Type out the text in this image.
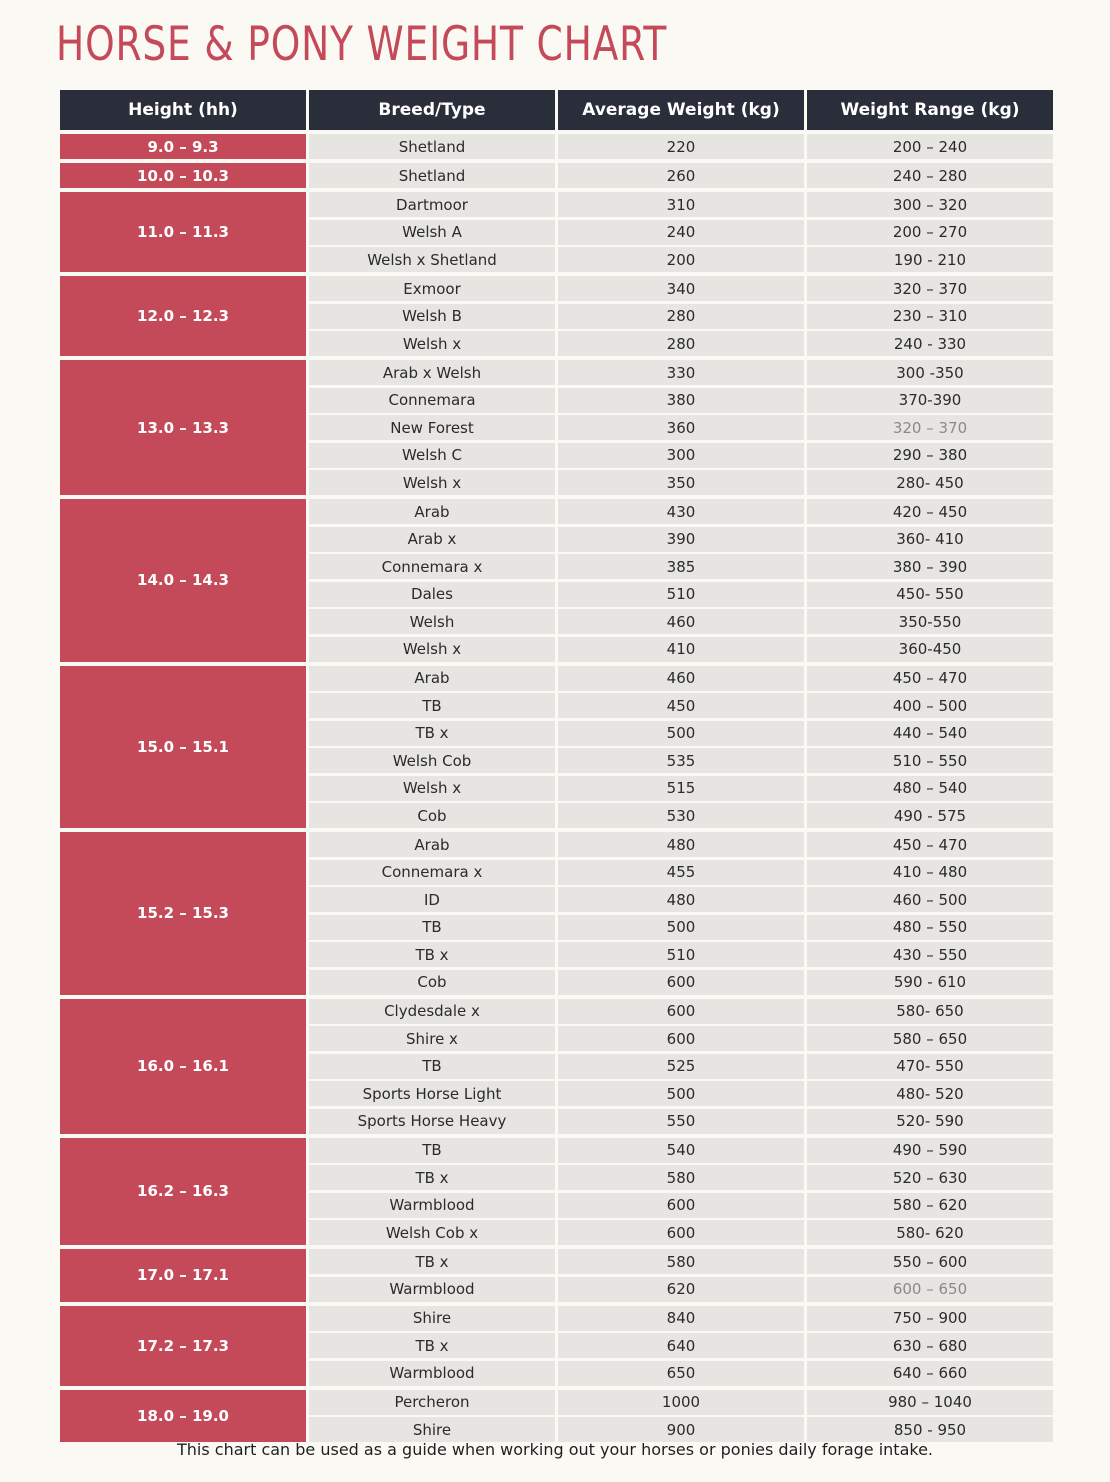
HORSE & PONY WEIGHT CHART
Height (hh)	Breed/Type	Average Weight (kg)	Weight Range (kg)
9.0 – 9.3	Shetland	220	200 – 240
10.0 – 10.3	Shetland	260	240 – 280
11.0 – 11.3
Dartmoor	310	300 – 320
Welsh A	240	200 – 270
Welsh x Shetland	200	190 - 210
12.0 – 12.3
Exmoor	340	320 – 370
Welsh B	280	230 – 310
Welsh x	280	240 - 330
13.0 – 13.3
Arab x Welsh	330	300 -350
Connemara	380	370-390
New Forest	360	320 – 370
Welsh C	300	290 – 380
Welsh x	350	280- 450
14.0 – 14.3
Arab	430	420 – 450
Arab x	390	360- 410
Connemara x	385	380 – 390
Dales	510	450- 550
Welsh	460	350-550
Welsh x	410	360-450
15.0 – 15.1
Arab	460	450 – 470
TB	450	400 – 500
TB x	500	440 – 540
Welsh Cob	535	510 – 550
Welsh x	515	480 – 540
Cob	530	490 - 575
15.2 – 15.3
Arab	480	450 – 470
Connemara x	455	410 – 480
ID	480	460 – 500
TB	500	480 – 550
TB x	510	430 – 550
Cob	600	590 - 610
16.0 – 16.1
Clydesdale x	600	580- 650
Shire x	600	580 – 650
TB	525	470- 550
Sports Horse Light	500	480- 520
Sports Horse Heavy	550	520- 590
16.2 – 16.3
TB	540	490 – 590
TB x	580	520 – 630
Warmblood	600	580 – 620
Welsh Cob x	600	580- 620
17.0 – 17.1
TB x	580	550 – 600
Warmblood	620	600 – 650
17.2 – 17.3
Shire	840	750 – 900
TB x	640	630 – 680
Warmblood	650	640 – 660
18.0 – 19.0
Percheron	1000	980 – 1040
Shire	900	850 - 950
This chart can be used as a guide when working out your horses or ponies daily forage intake.
